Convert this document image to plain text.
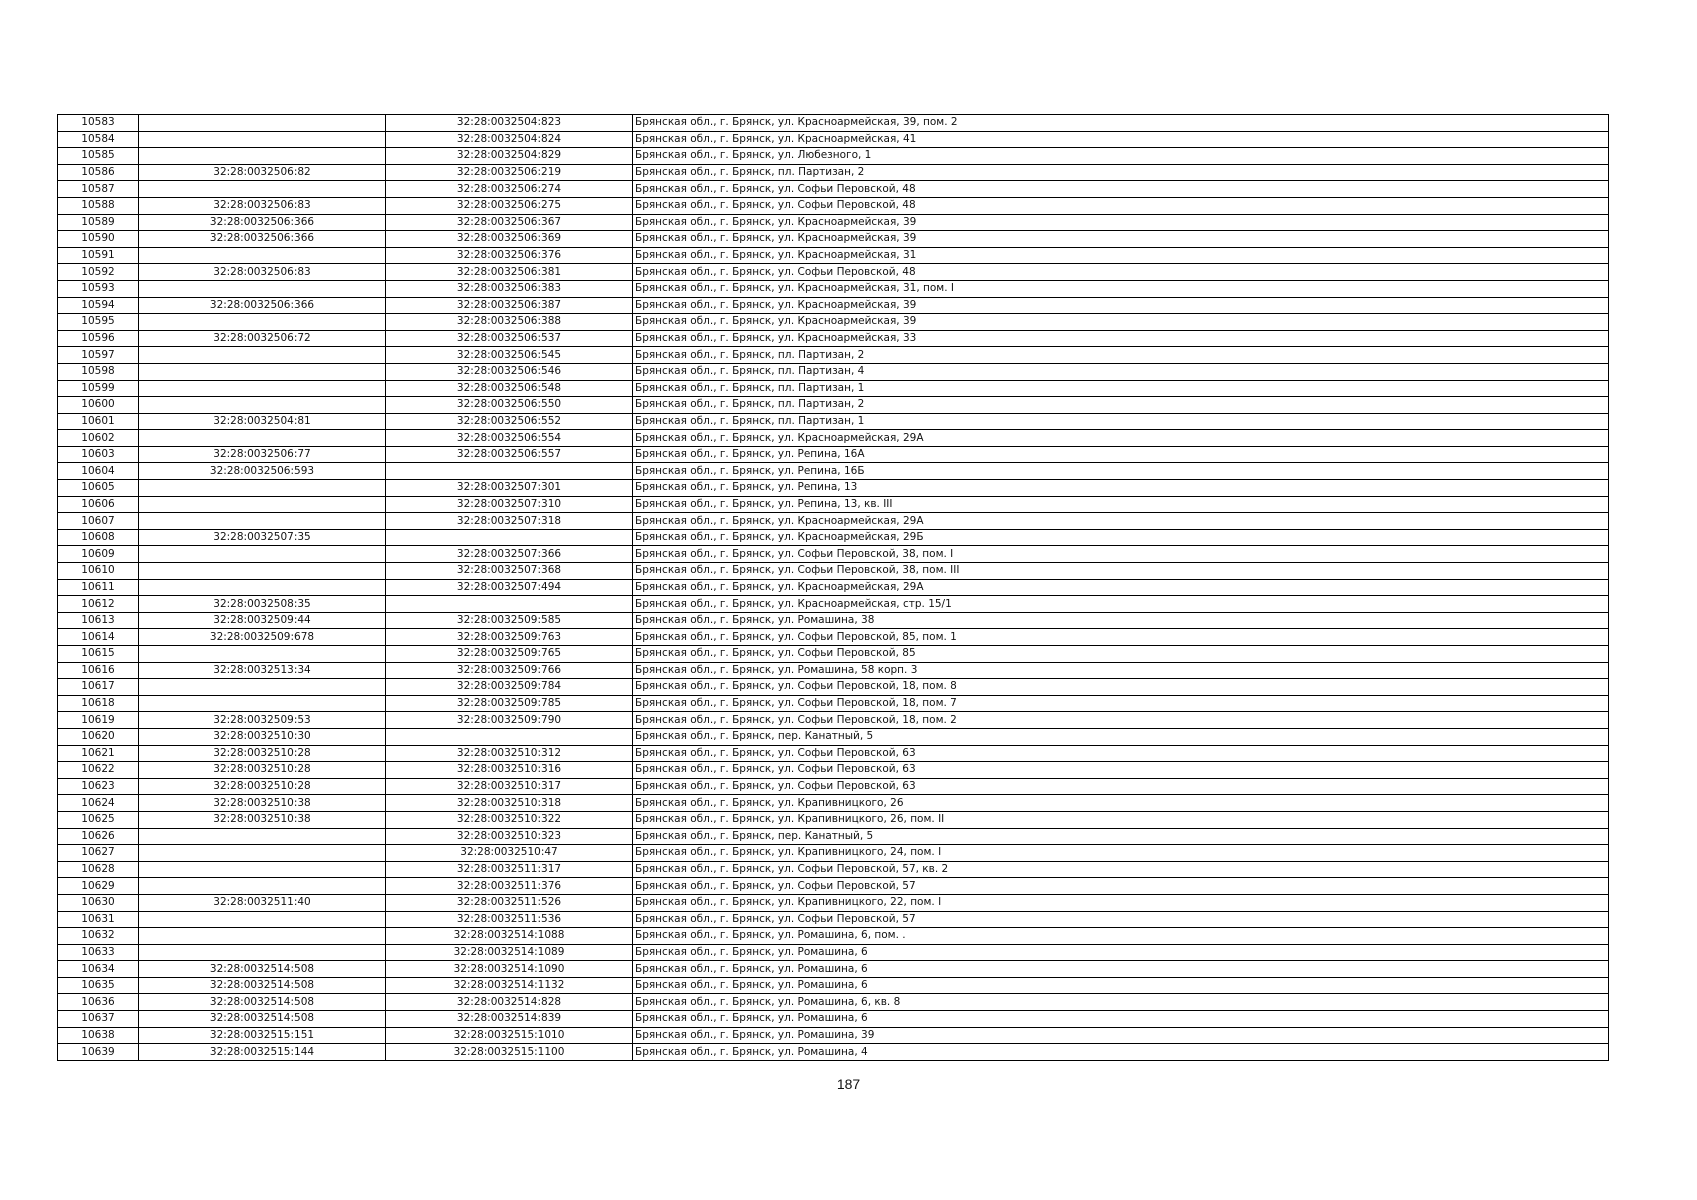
10583		32:28:0032504:823	Брянская обл., г. Брянск, ул. Красноармейская, 39, пом. 2
10584		32:28:0032504:824	Брянская обл., г. Брянск, ул. Красноармейская, 41
10585		32:28:0032504:829	Брянская обл., г. Брянск, ул. Любезного, 1
10586	32:28:0032506:82	32:28:0032506:219	Брянская обл., г. Брянск, пл. Партизан, 2
10587		32:28:0032506:274	Брянская обл., г. Брянск, ул. Софьи Перовской, 48
10588	32:28:0032506:83	32:28:0032506:275	Брянская обл., г. Брянск, ул. Софьи Перовской, 48
10589	32:28:0032506:366	32:28:0032506:367	Брянская обл., г. Брянск, ул. Красноармейская, 39
10590	32:28:0032506:366	32:28:0032506:369	Брянская обл., г. Брянск, ул. Красноармейская, 39
10591		32:28:0032506:376	Брянская обл., г. Брянск, ул. Красноармейская, 31
10592	32:28:0032506:83	32:28:0032506:381	Брянская обл., г. Брянск, ул. Софьи Перовской, 48
10593		32:28:0032506:383	Брянская обл., г. Брянск, ул. Красноармейская, 31, пом. I
10594	32:28:0032506:366	32:28:0032506:387	Брянская обл., г. Брянск, ул. Красноармейская, 39
10595		32:28:0032506:388	Брянская обл., г. Брянск, ул. Красноармейская, 39
10596	32:28:0032506:72	32:28:0032506:537	Брянская обл., г. Брянск, ул. Красноармейская, 33
10597		32:28:0032506:545	Брянская обл., г. Брянск, пл. Партизан, 2
10598		32:28:0032506:546	Брянская обл., г. Брянск, пл. Партизан, 4
10599		32:28:0032506:548	Брянская обл., г. Брянск, пл. Партизан, 1
10600		32:28:0032506:550	Брянская обл., г. Брянск, пл. Партизан, 2
10601	32:28:0032504:81	32:28:0032506:552	Брянская обл., г. Брянск, пл. Партизан, 1
10602		32:28:0032506:554	Брянская обл., г. Брянск, ул. Красноармейская, 29А
10603	32:28:0032506:77	32:28:0032506:557	Брянская обл., г. Брянск, ул. Репина, 16А
10604	32:28:0032506:593		Брянская обл., г. Брянск, ул. Репина, 16Б
10605		32:28:0032507:301	Брянская обл., г. Брянск, ул. Репина, 13
10606		32:28:0032507:310	Брянская обл., г. Брянск, ул. Репина, 13, кв. III
10607		32:28:0032507:318	Брянская обл., г. Брянск, ул. Красноармейская, 29А
10608	32:28:0032507:35		Брянская обл., г. Брянск, ул. Красноармейская, 29Б
10609		32:28:0032507:366	Брянская обл., г. Брянск, ул. Софьи Перовской, 38, пом. I
10610		32:28:0032507:368	Брянская обл., г. Брянск, ул. Софьи Перовской, 38, пом. III
10611		32:28:0032507:494	Брянская обл., г. Брянск, ул. Красноармейская, 29А
10612	32:28:0032508:35		Брянская обл., г. Брянск, ул. Красноармейская, стр. 15/1
10613	32:28:0032509:44	32:28:0032509:585	Брянская обл., г. Брянск, ул. Ромашина, 38
10614	32:28:0032509:678	32:28:0032509:763	Брянская обл., г. Брянск, ул. Софьи Перовской, 85, пом. 1
10615		32:28:0032509:765	Брянская обл., г. Брянск, ул. Софьи Перовской, 85
10616	32:28:0032513:34	32:28:0032509:766	Брянская обл., г. Брянск, ул. Ромашина, 58 корп. 3
10617		32:28:0032509:784	Брянская обл., г. Брянск, ул. Софьи Перовской, 18, пом. 8
10618		32:28:0032509:785	Брянская обл., г. Брянск, ул. Софьи Перовской, 18, пом. 7
10619	32:28:0032509:53	32:28:0032509:790	Брянская обл., г. Брянск, ул. Софьи Перовской, 18, пом. 2
10620	32:28:0032510:30		Брянская обл., г. Брянск, пер. Канатный, 5
10621	32:28:0032510:28	32:28:0032510:312	Брянская обл., г. Брянск, ул. Софьи Перовской, 63
10622	32:28:0032510:28	32:28:0032510:316	Брянская обл., г. Брянск, ул. Софьи Перовской, 63
10623	32:28:0032510:28	32:28:0032510:317	Брянская обл., г. Брянск, ул. Софьи Перовской, 63
10624	32:28:0032510:38	32:28:0032510:318	Брянская обл., г. Брянск, ул. Крапивницкого, 26
10625	32:28:0032510:38	32:28:0032510:322	Брянская обл., г. Брянск, ул. Крапивницкого, 26, пом. II
10626		32:28:0032510:323	Брянская обл., г. Брянск, пер. Канатный, 5
10627		32:28:0032510:47	Брянская обл., г. Брянск, ул. Крапивницкого, 24, пом. I
10628		32:28:0032511:317	Брянская обл., г. Брянск, ул. Софьи Перовской, 57, кв. 2
10629		32:28:0032511:376	Брянская обл., г. Брянск, ул. Софьи Перовской, 57
10630	32:28:0032511:40	32:28:0032511:526	Брянская обл., г. Брянск, ул. Крапивницкого, 22, пом. I
10631		32:28:0032511:536	Брянская обл., г. Брянск, ул. Софьи Перовской, 57
10632		32:28:0032514:1088	Брянская обл., г. Брянск, ул. Ромашина, 6, пом. .
10633		32:28:0032514:1089	Брянская обл., г. Брянск, ул. Ромашина, 6
10634	32:28:0032514:508	32:28:0032514:1090	Брянская обл., г. Брянск, ул. Ромашина, 6
10635	32:28:0032514:508	32:28:0032514:1132	Брянская обл., г. Брянск, ул. Ромашина, 6
10636	32:28:0032514:508	32:28:0032514:828	Брянская обл., г. Брянск, ул. Ромашина, 6, кв. 8
10637	32:28:0032514:508	32:28:0032514:839	Брянская обл., г. Брянск, ул. Ромашина, 6
10638	32:28:0032515:151	32:28:0032515:1010	Брянская обл., г. Брянск, ул. Ромашина, 39
10639	32:28:0032515:144	32:28:0032515:1100	Брянская обл., г. Брянск, ул. Ромашина, 4
187
